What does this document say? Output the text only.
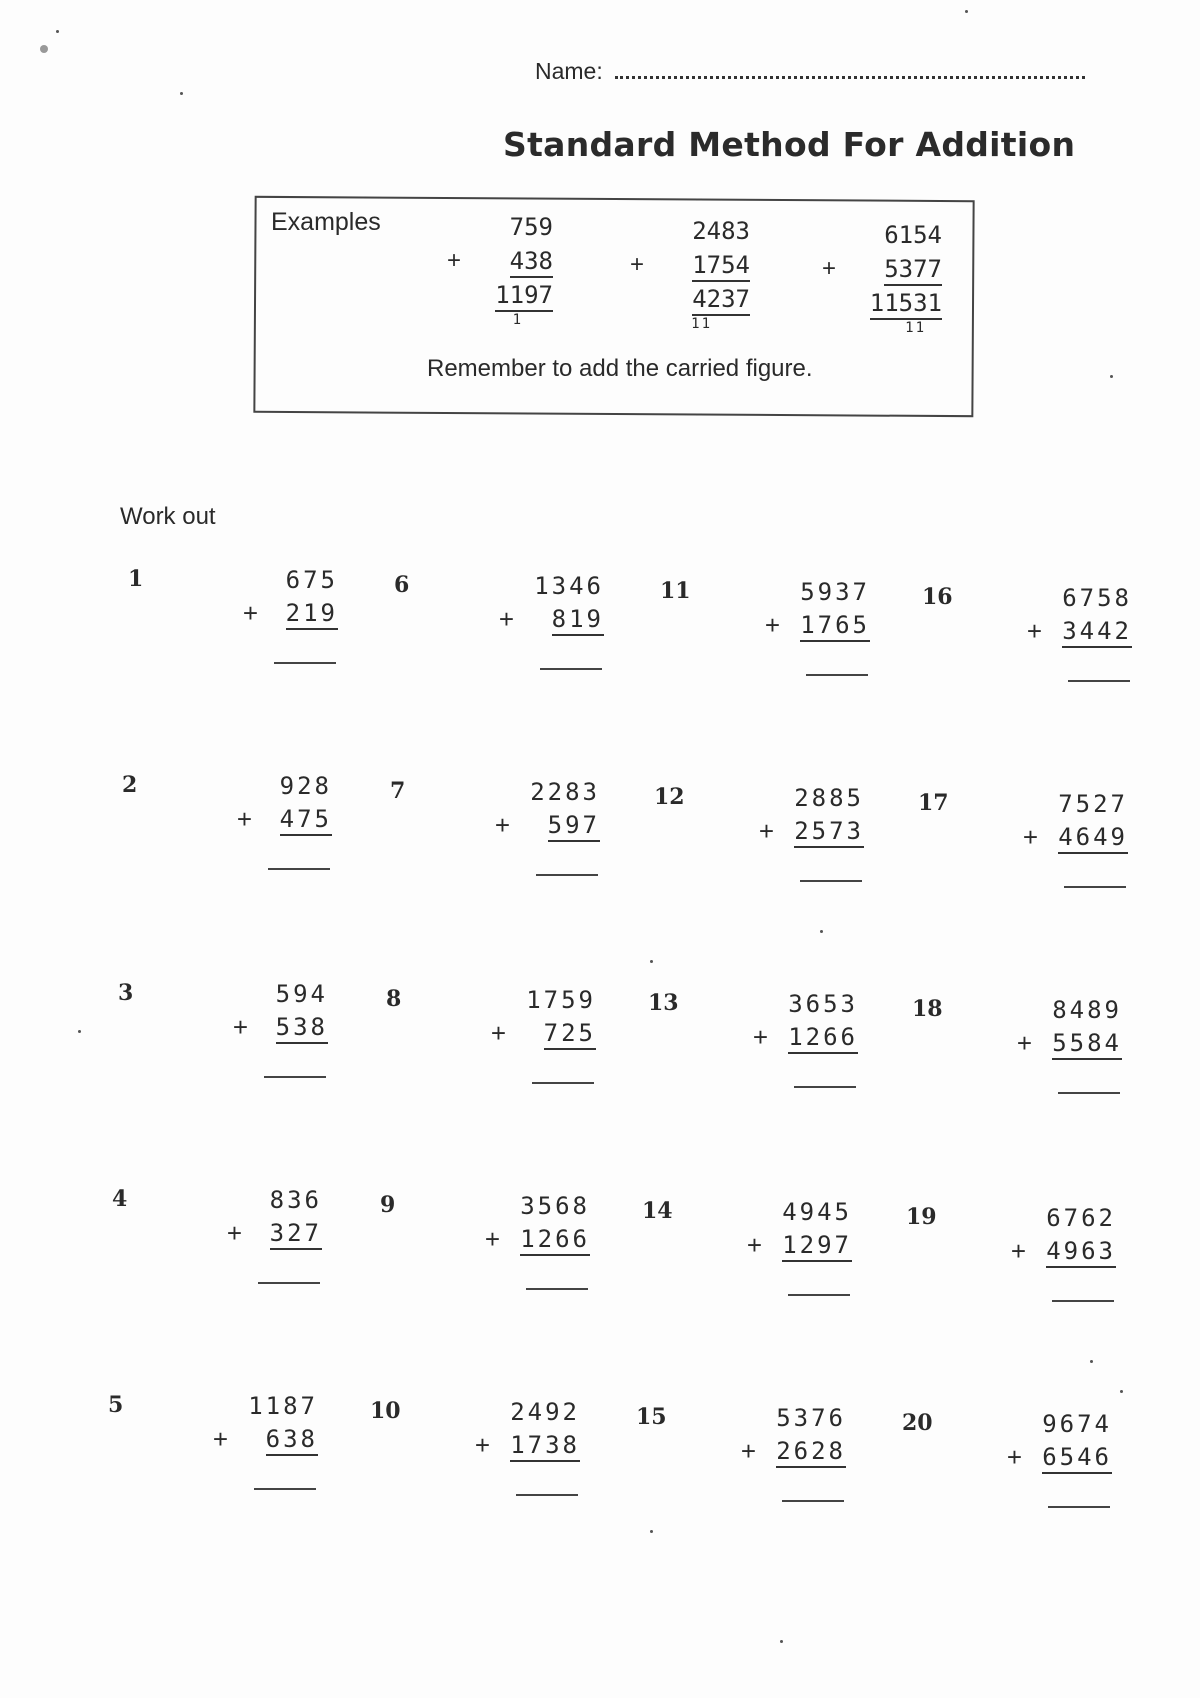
Name:
Standard Method For Addition
Examples	759
+ 438
1197
1
2483
+ 1754
4237
11
6154
+ 5377
11531
11
Remember to add the carried figure.
Work out
1	675
+ 219
2	928
+ 475
3	594
+ 538
4	836
+ 327
5	1187
+ 638
6	1346
+ 819
7	2283
+ 597
8	1759
+ 725
9	3568
+ 1266
10	2492
+ 1738
11	5937
+ 1765
12	2885
+ 2573
13	3653
+ 1266
14	4945
+ 1297
15	5376
+ 2628
16	6758
+ 3442
17	7527
+ 4649
18	8489
+ 5584
19	6762
+ 4963
20	9674
+ 6546
